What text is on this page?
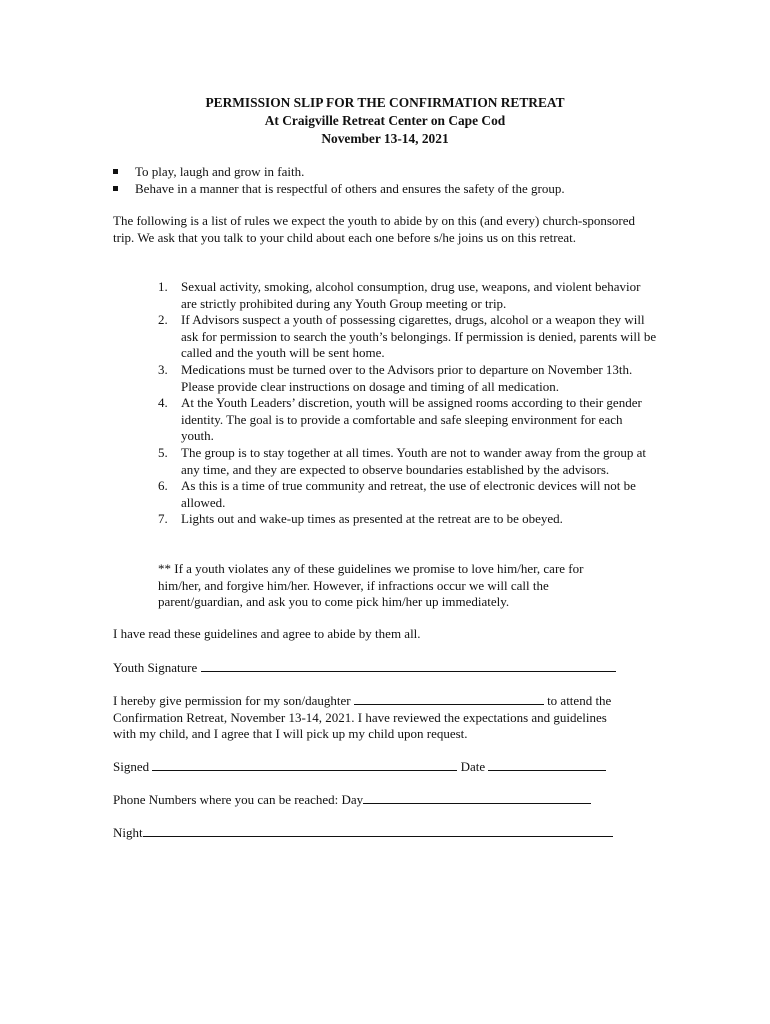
PERMISSION SLIP FOR THE CONFIRMATION RETREAT
At Craigville Retreat Center on Cape Cod
November 13-14, 2021
To play, laugh and grow in faith.
Behave in a manner that is respectful of others and ensures the safety of the group.
The following is a list of rules we expect the youth to abide by on this (and every) church-sponsored trip. We ask that you talk to your child about each one before s/he joins us on this retreat.
1. Sexual activity, smoking, alcohol consumption, drug use, weapons, and violent behavior are strictly prohibited during any Youth Group meeting or trip.
2. If Advisors suspect a youth of possessing cigarettes, drugs, alcohol or a weapon they will ask for permission to search the youth’s belongings. If permission is denied, parents will be called and the youth will be sent home.
3. Medications must be turned over to the Advisors prior to departure on November 13th. Please provide clear instructions on dosage and timing of all medication.
4. At the Youth Leaders’ discretion, youth will be assigned rooms according to their gender identity. The goal is to provide a comfortable and safe sleeping environment for each youth.
5. The group is to stay together at all times. Youth are not to wander away from the group at any time, and they are expected to observe boundaries established by the advisors.
6. As this is a time of true community and retreat, the use of electronic devices will not be allowed.
7. Lights out and wake-up times as presented at the retreat are to be obeyed.
** If a youth violates any of these guidelines we promise to love him/her, care for him/her, and forgive him/her. However, if infractions occur we will call the parent/guardian, and ask you to come pick him/her up immediately.
I have read these guidelines and agree to abide by them all.
Youth Signature
I hereby give permission for my son/daughter	to attend the
Confirmation Retreat, November 13-14, 2021. I have reviewed the expectations and guidelines
with my child, and I agree that I will pick up my child upon request.
Signed	Date
Phone Numbers where you can be reached: Day
Night
